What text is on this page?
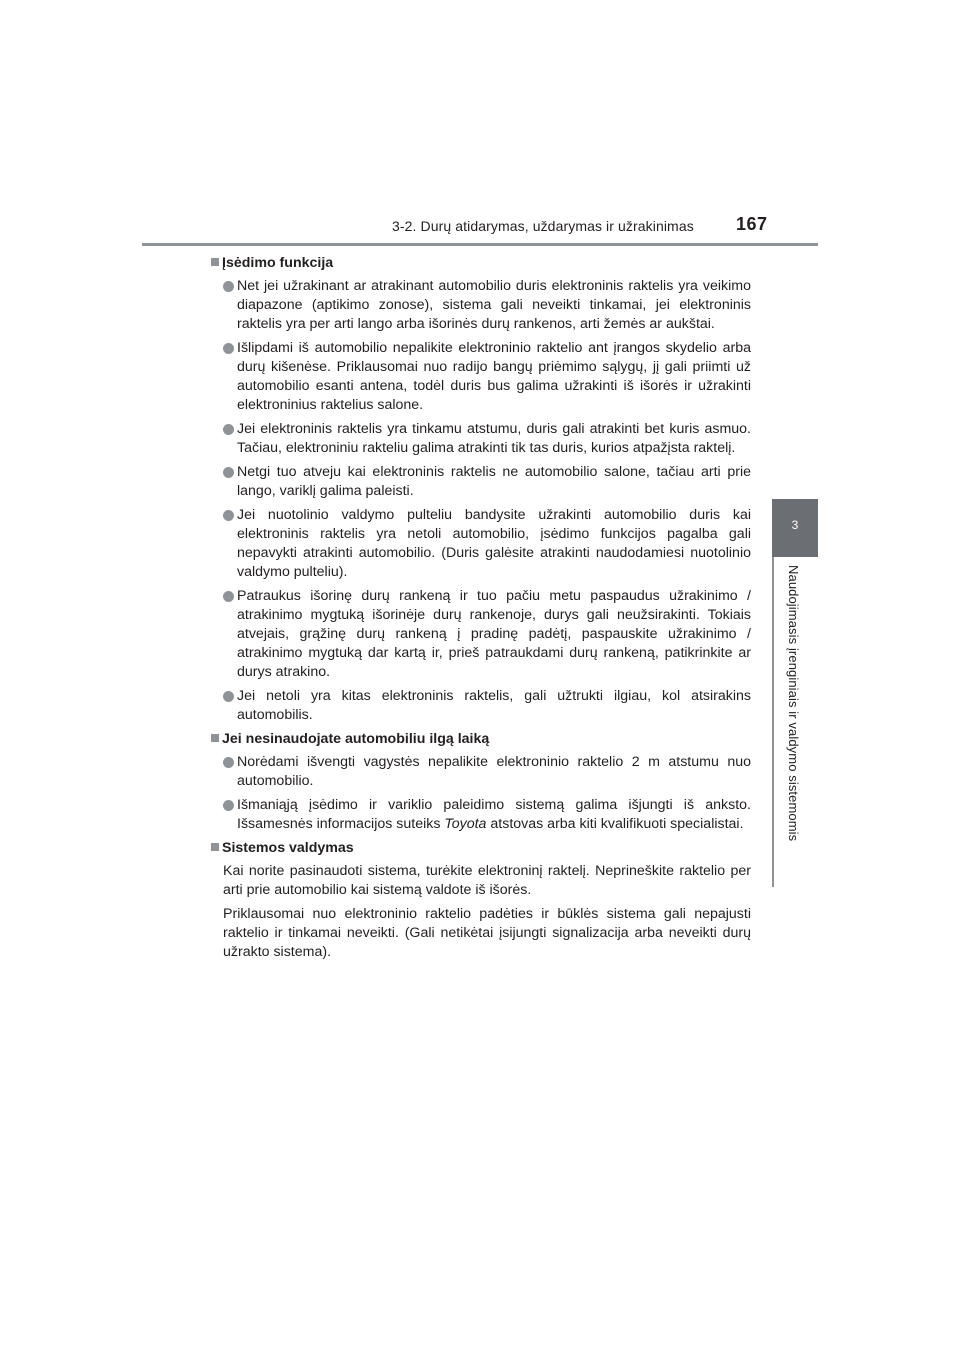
3-2. Durų atidarymas, uždarymas ir užrakinimas 167
3
Naudojimasis įrenginiais ir valdymo sistemomis
Įsėdimo funkcija
Net jei užrakinant ar atrakinant automobilio duris elektroninis raktelis yra veikimo diapazone (aptikimo zonose), sistema gali neveikti tinkamai, jei elektroninis raktelis yra per arti lango arba išorinės durų rankenos, arti žemės ar aukštai.
Išlipdami iš automobilio nepalikite elektroninio raktelio ant įrangos skydelio arba durų kišenėse. Priklausomai nuo radijo bangų priėmimo sąlygų, jį gali priimti už automobilio esanti antena, todėl duris bus galima užrakinti iš išorės ir užrakinti elektroninius raktelius salone.
Jei elektroninis raktelis yra tinkamu atstumu, duris gali atrakinti bet kuris asmuo. Tačiau, elektroniniu rakteliu galima atrakinti tik tas duris, kurios atpažįsta raktelį.
Netgi tuo atveju kai elektroninis raktelis ne automobilio salone, tačiau arti prie lango, variklį galima paleisti.
Jei nuotolinio valdymo pulteliu bandysite užrakinti automobilio duris kai elektroninis raktelis yra netoli automobilio, įsėdimo funkcijos pagalba gali nepavykti atrakinti automobilio. (Duris galėsite atrakinti naudodamiesi nuotolinio valdymo pulteliu).
Patraukus išorinę durų rankeną ir tuo pačiu metu paspaudus užrakinimo / atrakinimo mygtuką išorinėje durų rankenoje, durys gali neužsirakinti. Tokiais atvejais, grąžinę durų rankeną į pradinę padėtį, paspauskite užrakinimo / atrakinimo mygtuką dar kartą ir, prieš patraukdami durų rankeną, patikrinkite ar durys atrakino.
Jei netoli yra kitas elektroninis raktelis, gali užtrukti ilgiau, kol atsirakins automobilis.
Jei nesinaudojate automobiliu ilgą laiką
Norėdami išvengti vagystės nepalikite elektroninio raktelio 2 m atstumu nuo automobilio.
Išmaniąją įsėdimo ir variklio paleidimo sistemą galima išjungti iš anksto. Išsamesnės informacijos suteiks Toyota atstovas arba kiti kvalifikuoti specialistai.
Sistemos valdymas
Kai norite pasinaudoti sistema, turėkite elektroninį raktelį. Neprineškite raktelio per arti prie automobilio kai sistemą valdote iš išorės.
Priklausomai nuo elektroninio raktelio padėties ir būklės sistema gali nepajusti raktelio ir tinkamai neveikti. (Gali netikėtai įsijungti signalizacija arba neveikti durų užrakto sistema).
